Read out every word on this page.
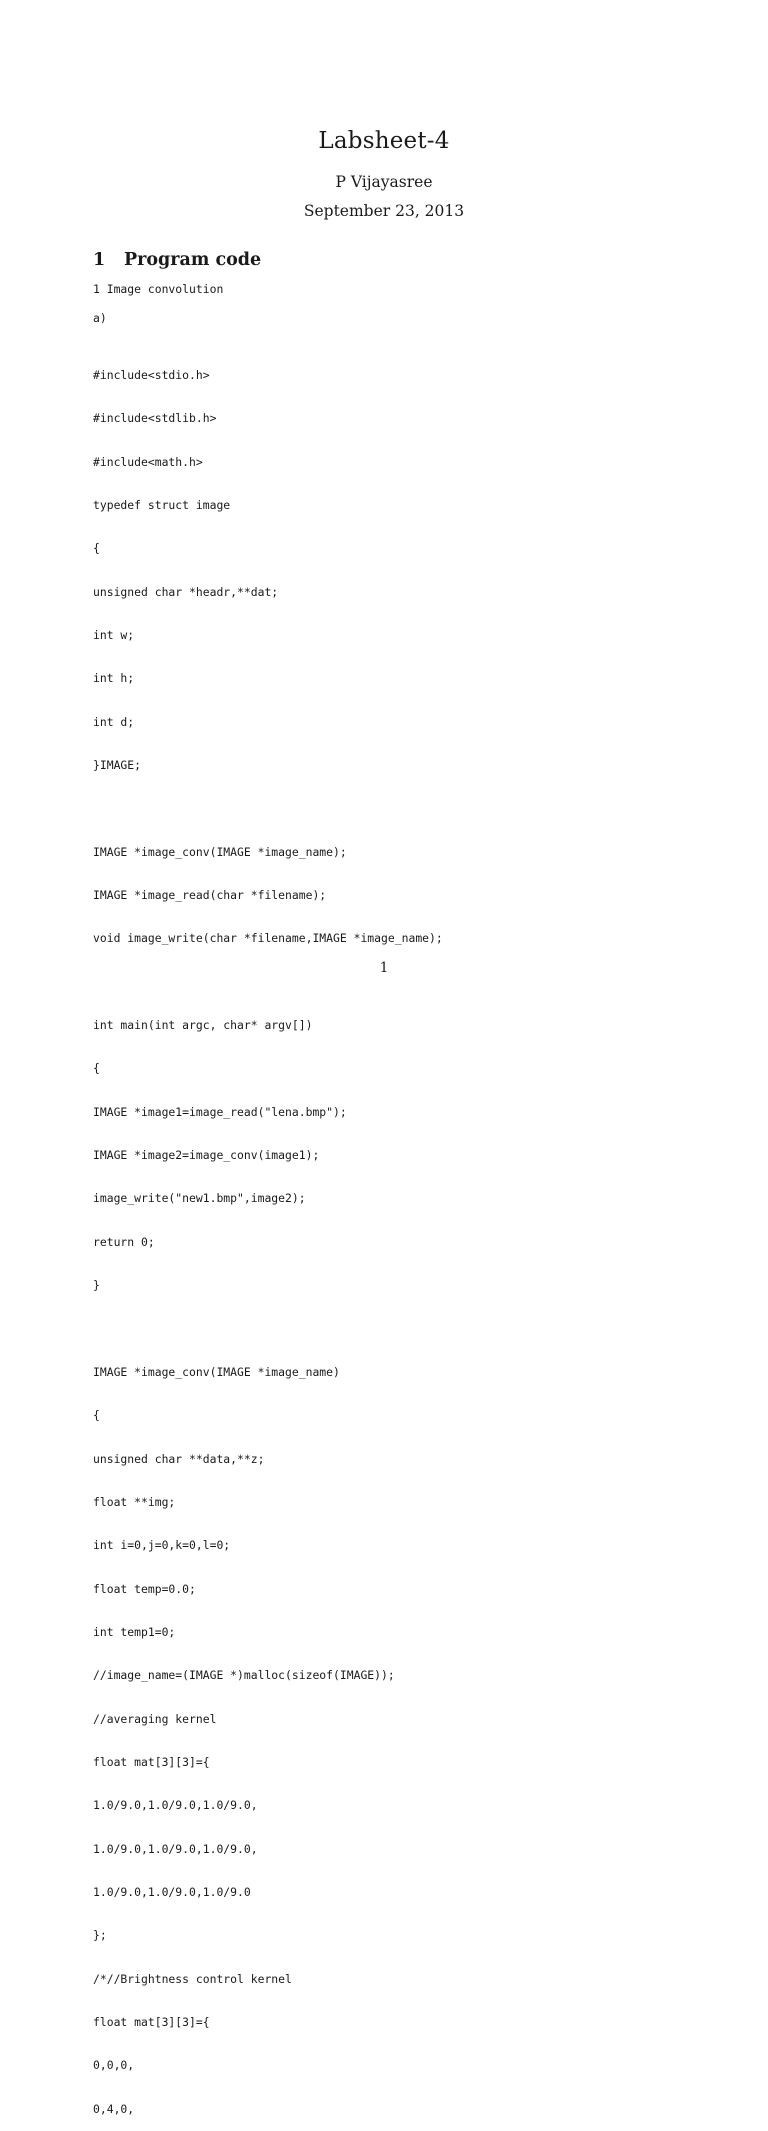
Labsheet-4
P Vijayasree
September 23, 2013
1 Program code
1 Image convolution
a)

#include<stdio.h>

#include<stdlib.h>

#include<math.h>

typedef struct image

{

unsigned char *headr,**dat;

int w;

int h;

int d;

}IMAGE;

IMAGE *image_conv(IMAGE *image_name);

IMAGE *image_read(char *filename);

void image_write(char *filename,IMAGE *image_name);

int main(int argc, char* argv[])

{

IMAGE *image1=image_read("lena.bmp");

IMAGE *image2=image_conv(image1);

image_write("new1.bmp",image2);

return 0;

}

IMAGE *image_conv(IMAGE *image_name)

{

unsigned char **data,**z;

float **img;

int i=0,j=0,k=0,l=0;

float temp=0.0;

int temp1=0;

//image_name=(IMAGE *)malloc(sizeof(IMAGE));

//averaging kernel

float mat[3][3]={

1.0/9.0,1.0/9.0,1.0/9.0,

1.0/9.0,1.0/9.0,1.0/9.0,

1.0/9.0,1.0/9.0,1.0/9.0

};

/*//Brightness control kernel

float mat[3][3]={

0,0,0,

0,4,0,

1
